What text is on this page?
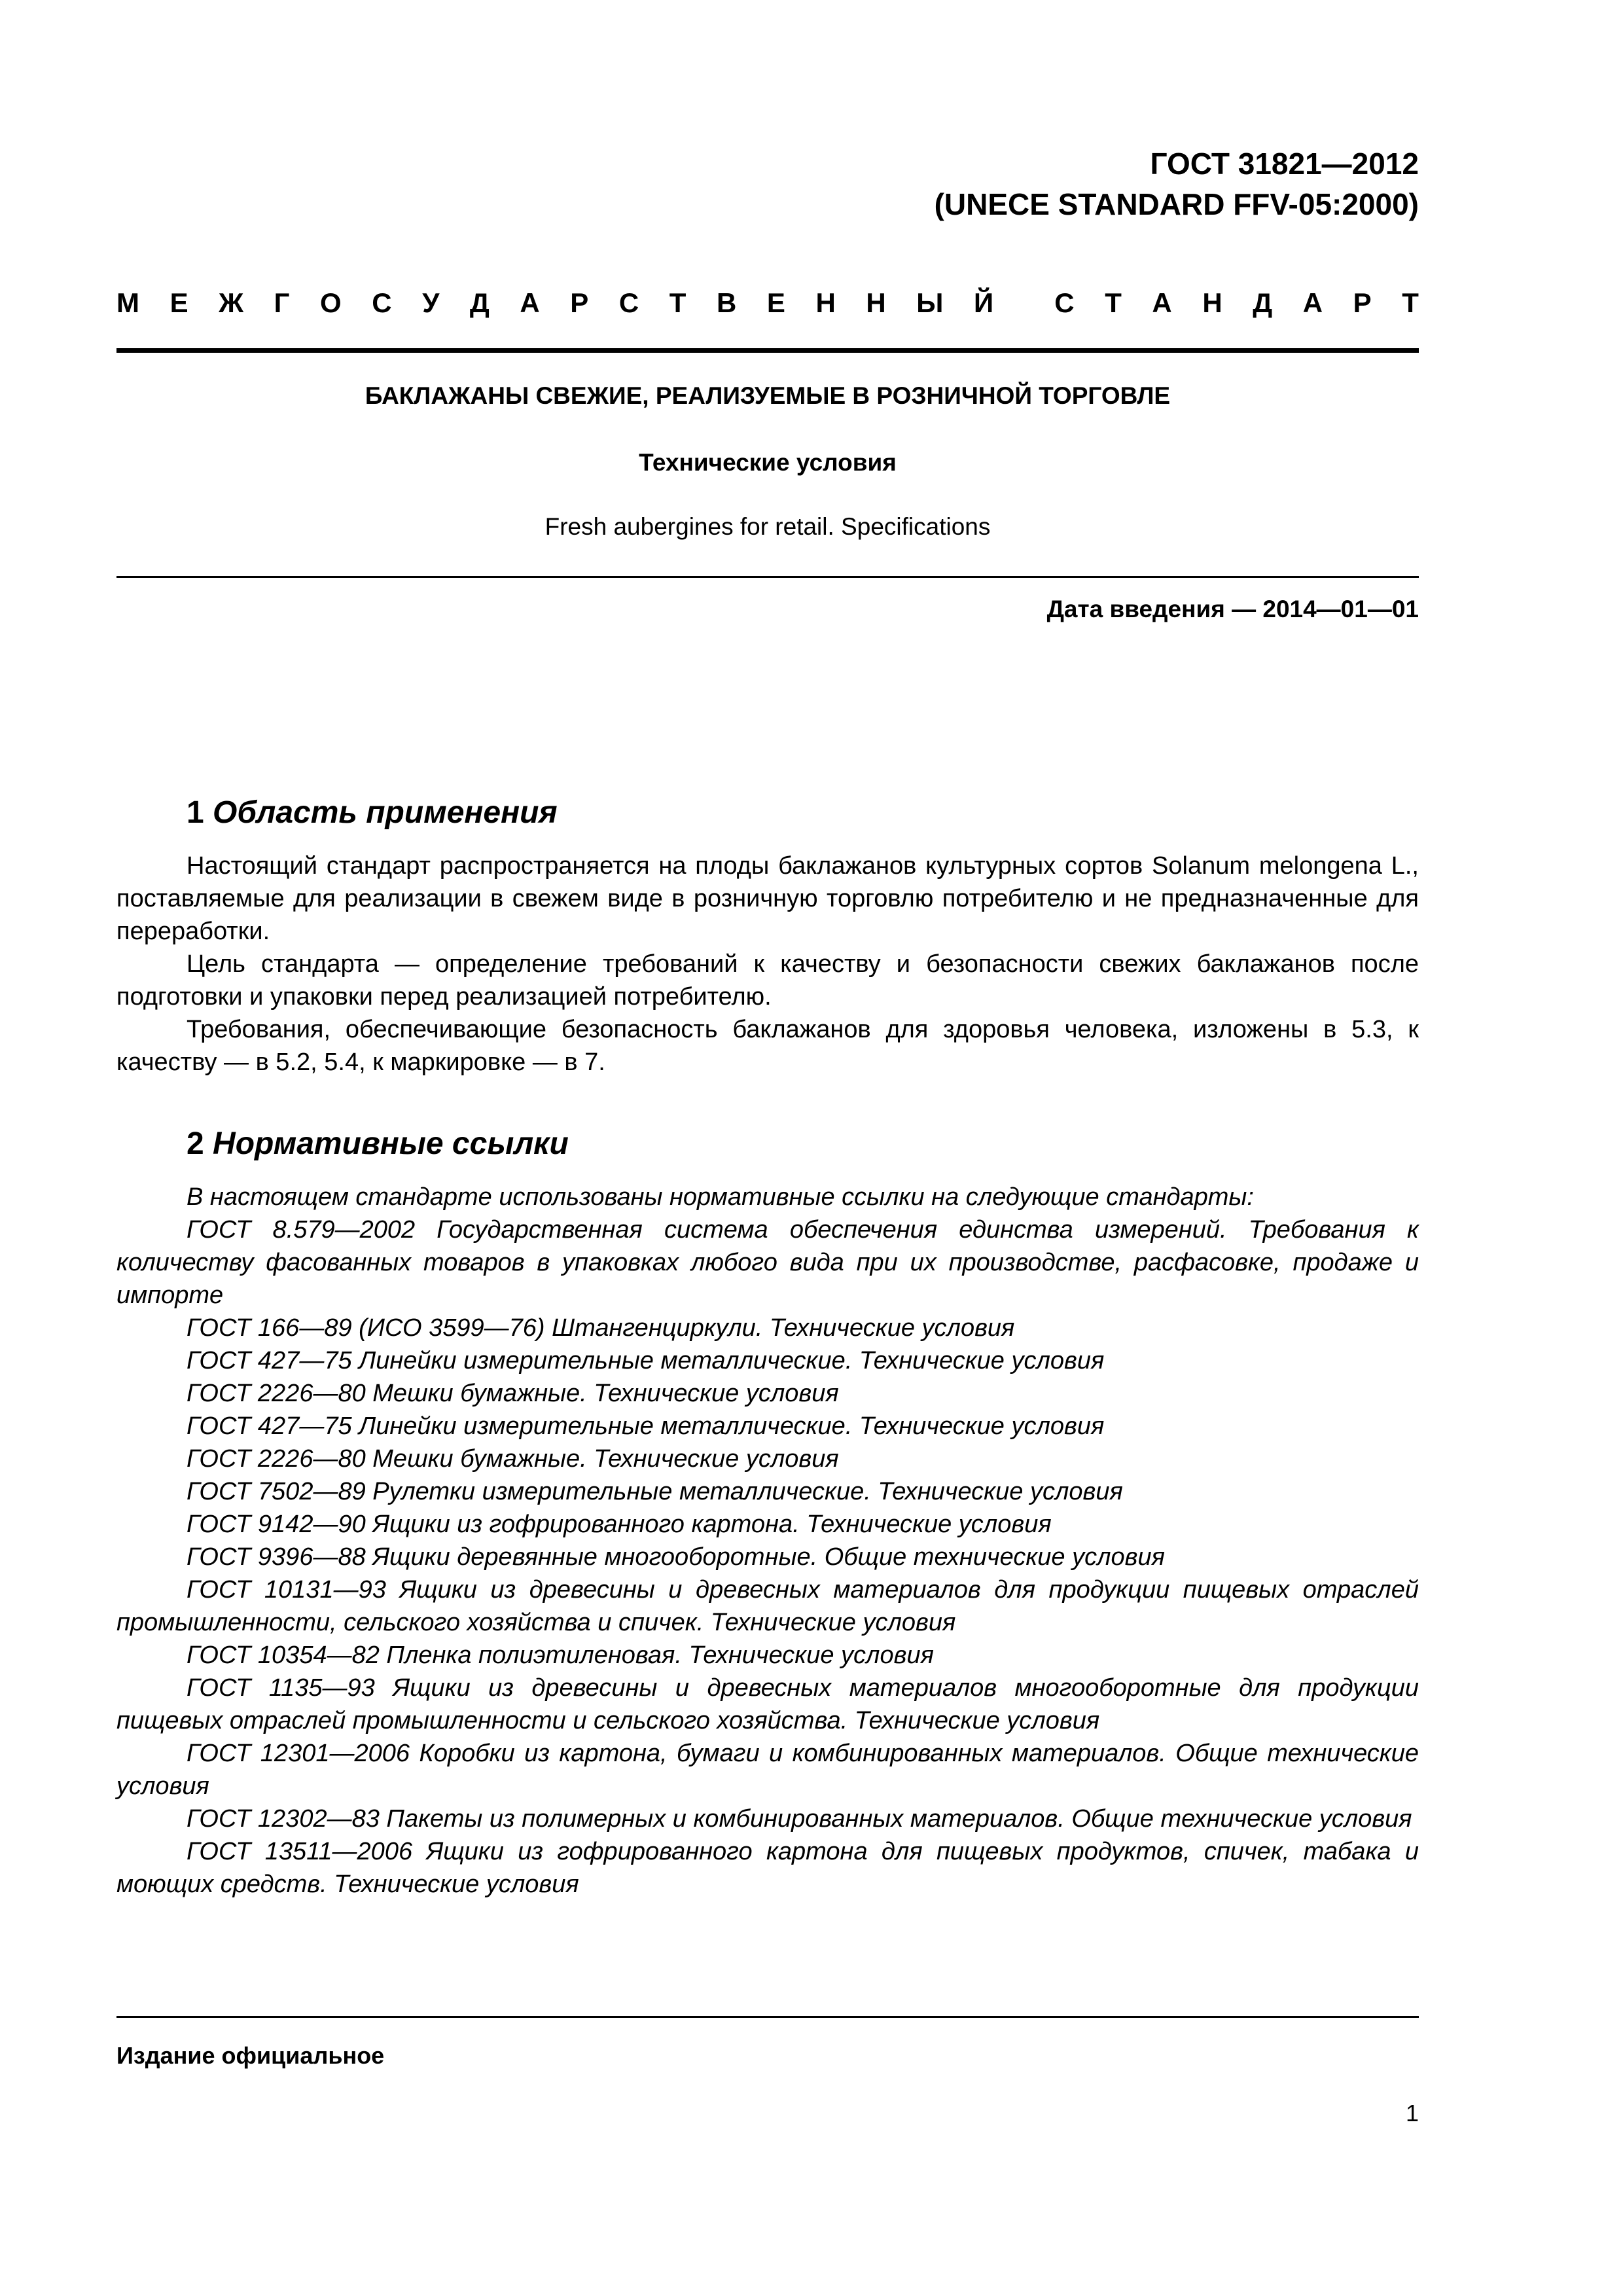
ГОСТ 31821—2012
(UNECE STANDARD FFV-05:2000)
М Е Ж Г О С У Д А Р С Т В Е Н Н Ы Й С Т А Н Д А Р Т
БАКЛАЖАНЫ СВЕЖИЕ, РЕАЛИЗУЕМЫЕ В РОЗНИЧНОЙ ТОРГОВЛЕ
Технические условия
Fresh aubergines for retail. Specifications
Дата введения — 2014—01—01
1 Область применения

Настоящий стандарт распространяется на плоды баклажанов культурных сортов Solanum melongena L., поставляемые для реализации в свежем виде в розничную торговлю потребителю и не предназначенные для переработки.

Цель стандарта — определение требований к качеству и безопасности свежих баклажанов после подготовки и упаковки перед реализацией потребителю.

Требования, обеспечивающие безопасность баклажанов для здоровья человека, изложены в 5.3, к качеству — в 5.2, 5.4, к маркировке — в 7.

2 Нормативные ссылки

В настоящем стандарте использованы нормативные ссылки на следующие стандарты:

ГОСТ 8.579—2002 Государственная система обеспечения единства измерений. Требования к количеству фасованных товаров в упаковках любого вида при их производстве, расфасовке, продаже и импорте

ГОСТ 166—89 (ИСО 3599—76) Штангенциркули. Технические условия

ГОСТ 427—75 Линейки измерительные металлические. Технические условия

ГОСТ 2226—80 Мешки бумажные. Технические условия

ГОСТ 427—75 Линейки измерительные металлические. Технические условия

ГОСТ 2226—80 Мешки бумажные. Технические условия

ГОСТ 7502—89 Рулетки измерительные металлические. Технические условия

ГОСТ 9142—90 Ящики из гофрированного картона. Технические условия

ГОСТ 9396—88 Ящики деревянные многооборотные. Общие технические условия

ГОСТ 10131—93 Ящики из древесины и древесных материалов для продукции пищевых отраслей промышленности, сельского хозяйства и спичек. Технические условия

ГОСТ 10354—82 Пленка полиэтиленовая. Технические условия

ГОСТ 1135—93 Ящики из древесины и древесных материалов многооборотные для продукции пищевых отраслей промышленности и сельского хозяйства. Технические условия

ГОСТ 12301—2006 Коробки из картона, бумаги и комбинированных материалов. Общие технические условия

ГОСТ 12302—83 Пакеты из полимерных и комбинированных материалов. Общие технические условия

ГОСТ 13511—2006 Ящики из гофрированного картона для пищевых продуктов, спичек, табака и моющих средств. Технические условия

Издание официальное
1
